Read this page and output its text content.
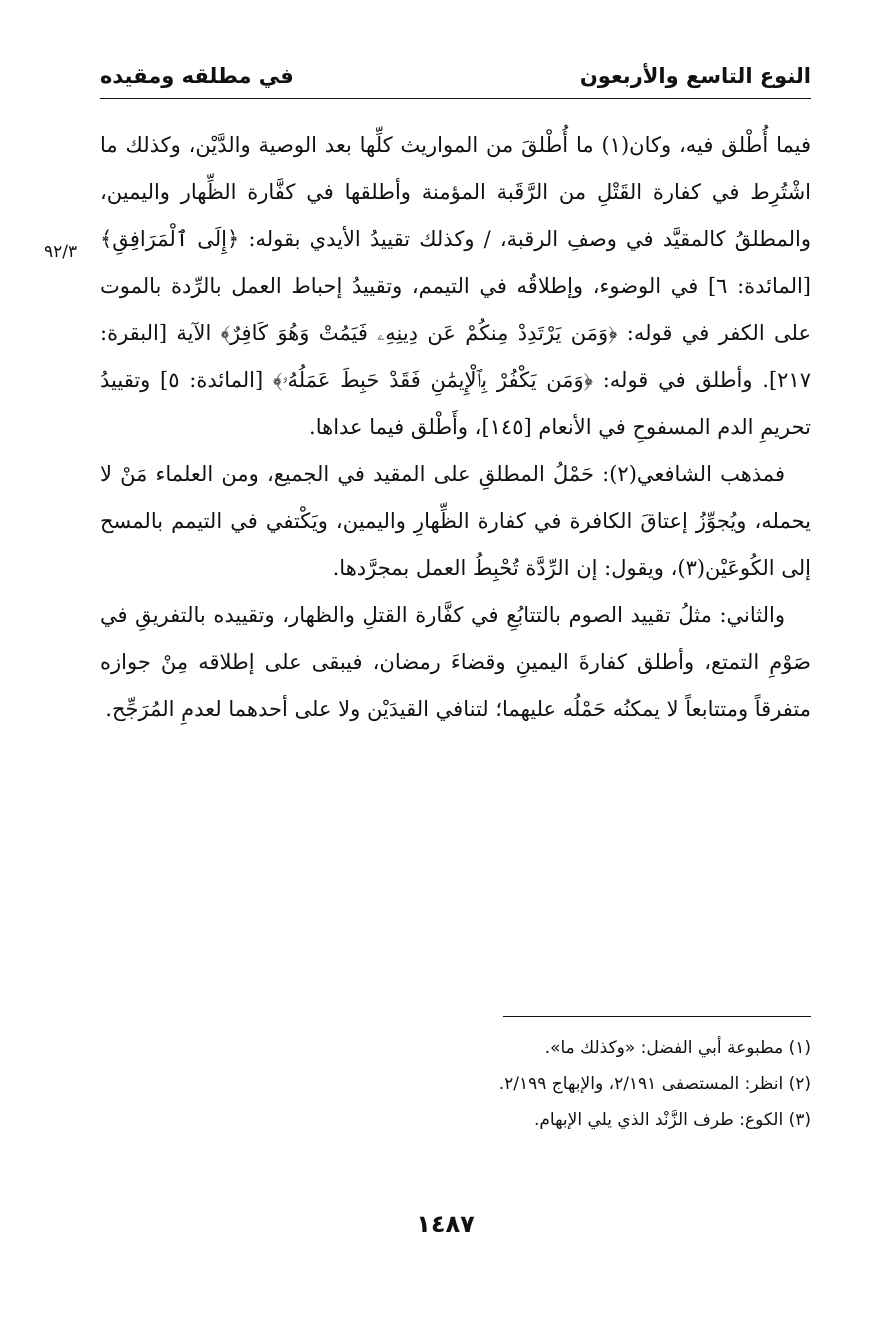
النوع التاسع والأربعون
في مطلقه ومقيده
٩٢/٣

فيما أُطْلق فيه، وكان(١) ما أُطْلقَ من المواريث كلِّها بعد الوصية والدَّيْن، وكذلك ما اشْتُرِط في كفارة القَتْلِ من الرَّقَبة المؤمنة وأطلقها في كفَّارة الظِّهار واليمين، والمطلقُ كالمقيَّد في وصفِ الرقبة، / وكذلك تقييدُ الأيدي بقوله: ﴿إِلَى ٱلْمَرَافِقِ﴾ [المائدة: ٦] في الوضوء، وإطلاقُه في التيمم، وتقييدُ إحباط العمل بالرِّدة بالموت على الكفر في قوله: ﴿وَمَن يَرْتَدِدْ مِنكُمْ عَن دِينِهِۦ فَيَمُتْ وَهُوَ كَافِرٌ﴾ الآية [البقرة: ٢١٧]. وأطلق في قوله: ﴿وَمَن يَكْفُرْ بِٱلْإِيمَٰنِ فَقَدْ حَبِطَ عَمَلُهُۥ﴾ [المائدة: ٥] وتقييدُ تحريمِ الدم المسفوحِ في الأنعام [١٤٥]، وأَطْلق فيما عداها.

فمذهب الشافعي(٢): حَمْلُ المطلقِ على المقيد في الجميع، ومن العلماء مَنْ لا يحمله، ويُجوِّزُ إعتاقَ الكافرة في كفارة الظِّهارِ واليمين، ويَكْتفي في التيمم بالمسح إلى الكُوعَيْن(٣)، ويقول: إن الرِّدَّة تُحْبِطُ العمل بمجرَّدها.

والثاني: مثلُ تقييد الصوم بالتتابُعِ في كفَّارة القتلِ والظهار، وتقييده بالتفريقِ في صَوْمِ التمتع، وأطلق كفارةَ اليمينِ وقضاءَ رمضان، فيبقى على إطلاقه مِنْ جوازه متفرقاً ومتتابعاً لا يمكنُه حَمْلُه عليهما؛ لتنافي القيدَيْن ولا على أحدهما لعدمِ المُرَجِّح.

(١) مطبوعة أبي الفضل: «وكذلك ما».

(٢) انظر: المستصفى ٢/١٩١، والإبهاج ٢/١٩٩.

(٣) الكوع: طرف الزَّنْد الذي يلي الإبهام.

١٤٨٧
